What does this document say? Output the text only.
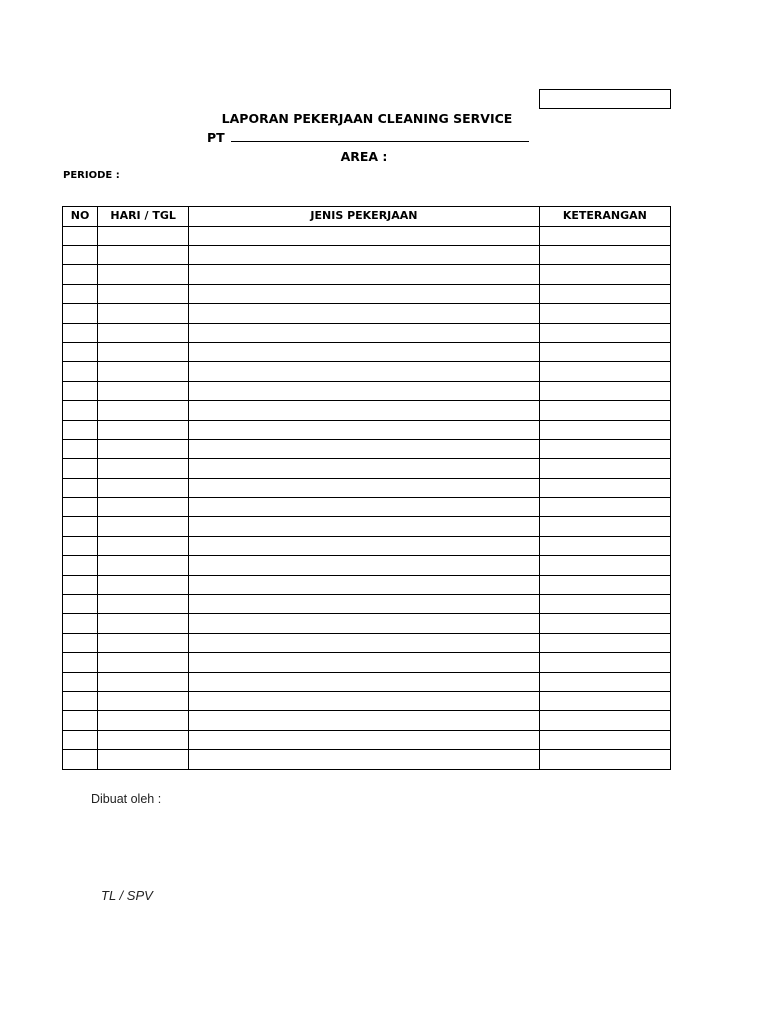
LAPORAN PEKERJAAN CLEANING SERVICE
PT
AREA :
PERIODE :
NO	HARI / TGL	JENIS PEKERJAAN	KETERANGAN

Dibuat oleh :
TL / SPV
